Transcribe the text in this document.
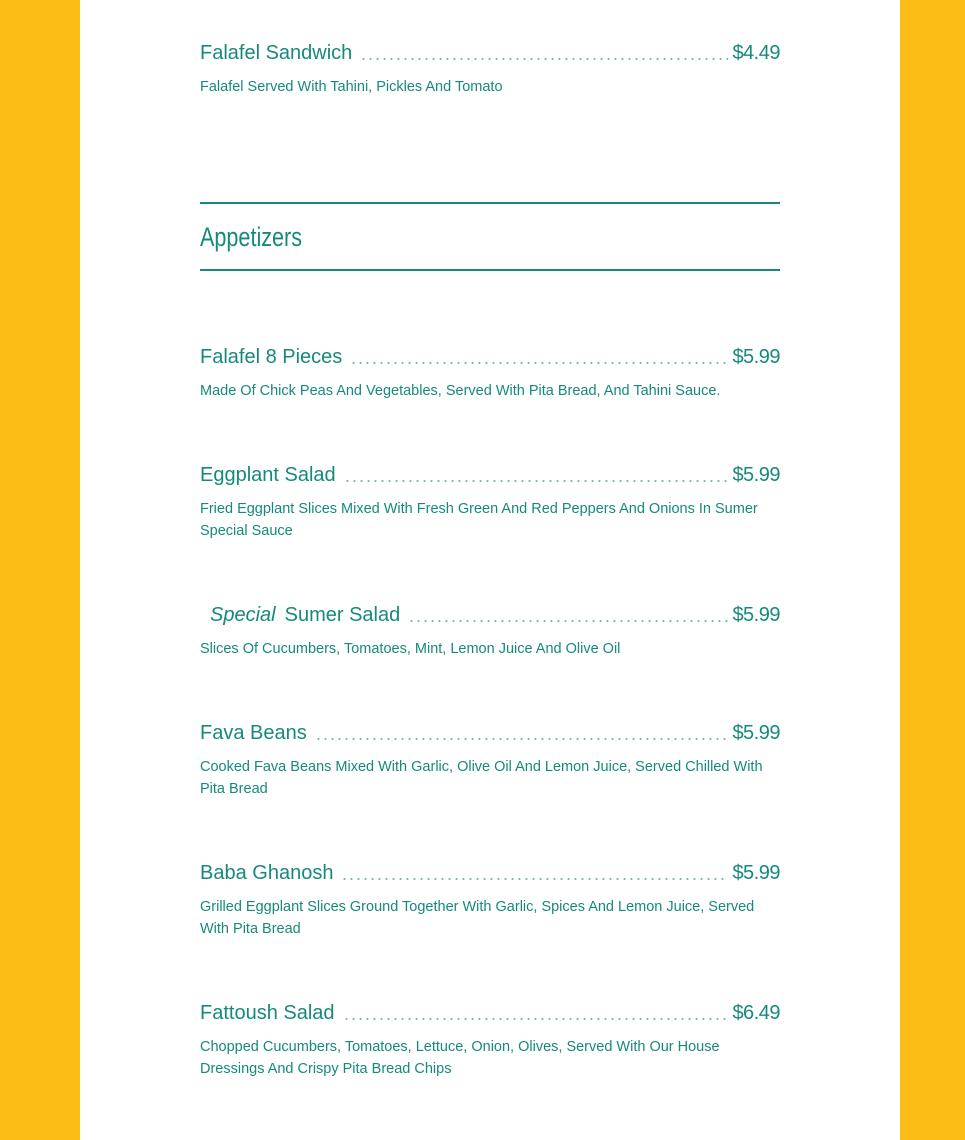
Falafel Sandwich	$4.49
Falafel Served With Tahini, Pickles And Tomato
Appetizers
Falafel 8 Pieces	$5.99
Made Of Chick Peas And Vegetables, Served With Pita Bread, And Tahini Sauce.
Eggplant Salad	$5.99
Fried Eggplant Slices Mixed With Fresh Green And Red Peppers And Onions In Sumer Special Sauce
Special Sumer Salad	$5.99
Slices Of Cucumbers, Tomatoes, Mint, Lemon Juice And Olive Oil
Fava Beans	$5.99
Cooked Fava Beans Mixed With Garlic, Olive Oil And Lemon Juice, Served Chilled With Pita Bread
Baba Ghanosh	$5.99
Grilled Eggplant Slices Ground Together With Garlic, Spices And Lemon Juice, Served With Pita Bread
Fattoush Salad	$6.49
Chopped Cucumbers, Tomatoes, Lettuce, Onion, Olives, Served With Our House Dressings And Crispy Pita Bread Chips
